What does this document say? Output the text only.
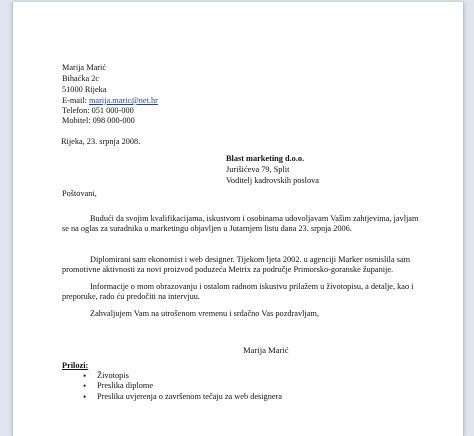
Marija Marić
Bihaćka 2c
51000 Rijeka
E-mail: marija.maric@net.hr
Telefon: 051 000-000
Mobitel: 098 000-000
Rijeka, 23. srpnja 2008.
Blast marketing d.o.o.
Jurišićeva 79, Split
Voditelj kadrovskih poslova
Poštovani,
Budući da svojim kvalifikacijama, iskustvom i osobinama udovoljavam Vašim zahtjevima, javljam
se na oglas za suradnika u marketingu objavljen u Jutarnjem listu dana 23. srpnja 2006.
Diplomirani sam ekonomist i web designer. Tijekom ljeta 2002. u agenciji Marker osmislila sam
promotivne aktivnosti za novi proizvod poduzeća Metrix za područje Primorsko-goranske županije.
Informacije o mom obrazovanju i ostalom radnom iskustvu prilažem u životopisu, a detalje, kao i
preporuke, rado ću predočiti na intervjuu.
Zahvaljujem Vam na utrošenom vremenu i srdačno Vas pozdravljam,
Marija Marić
Prilozi:
• Životopis
• Preslika diplome
• Preslika uvjerenja o završenom tečaju za web designera
